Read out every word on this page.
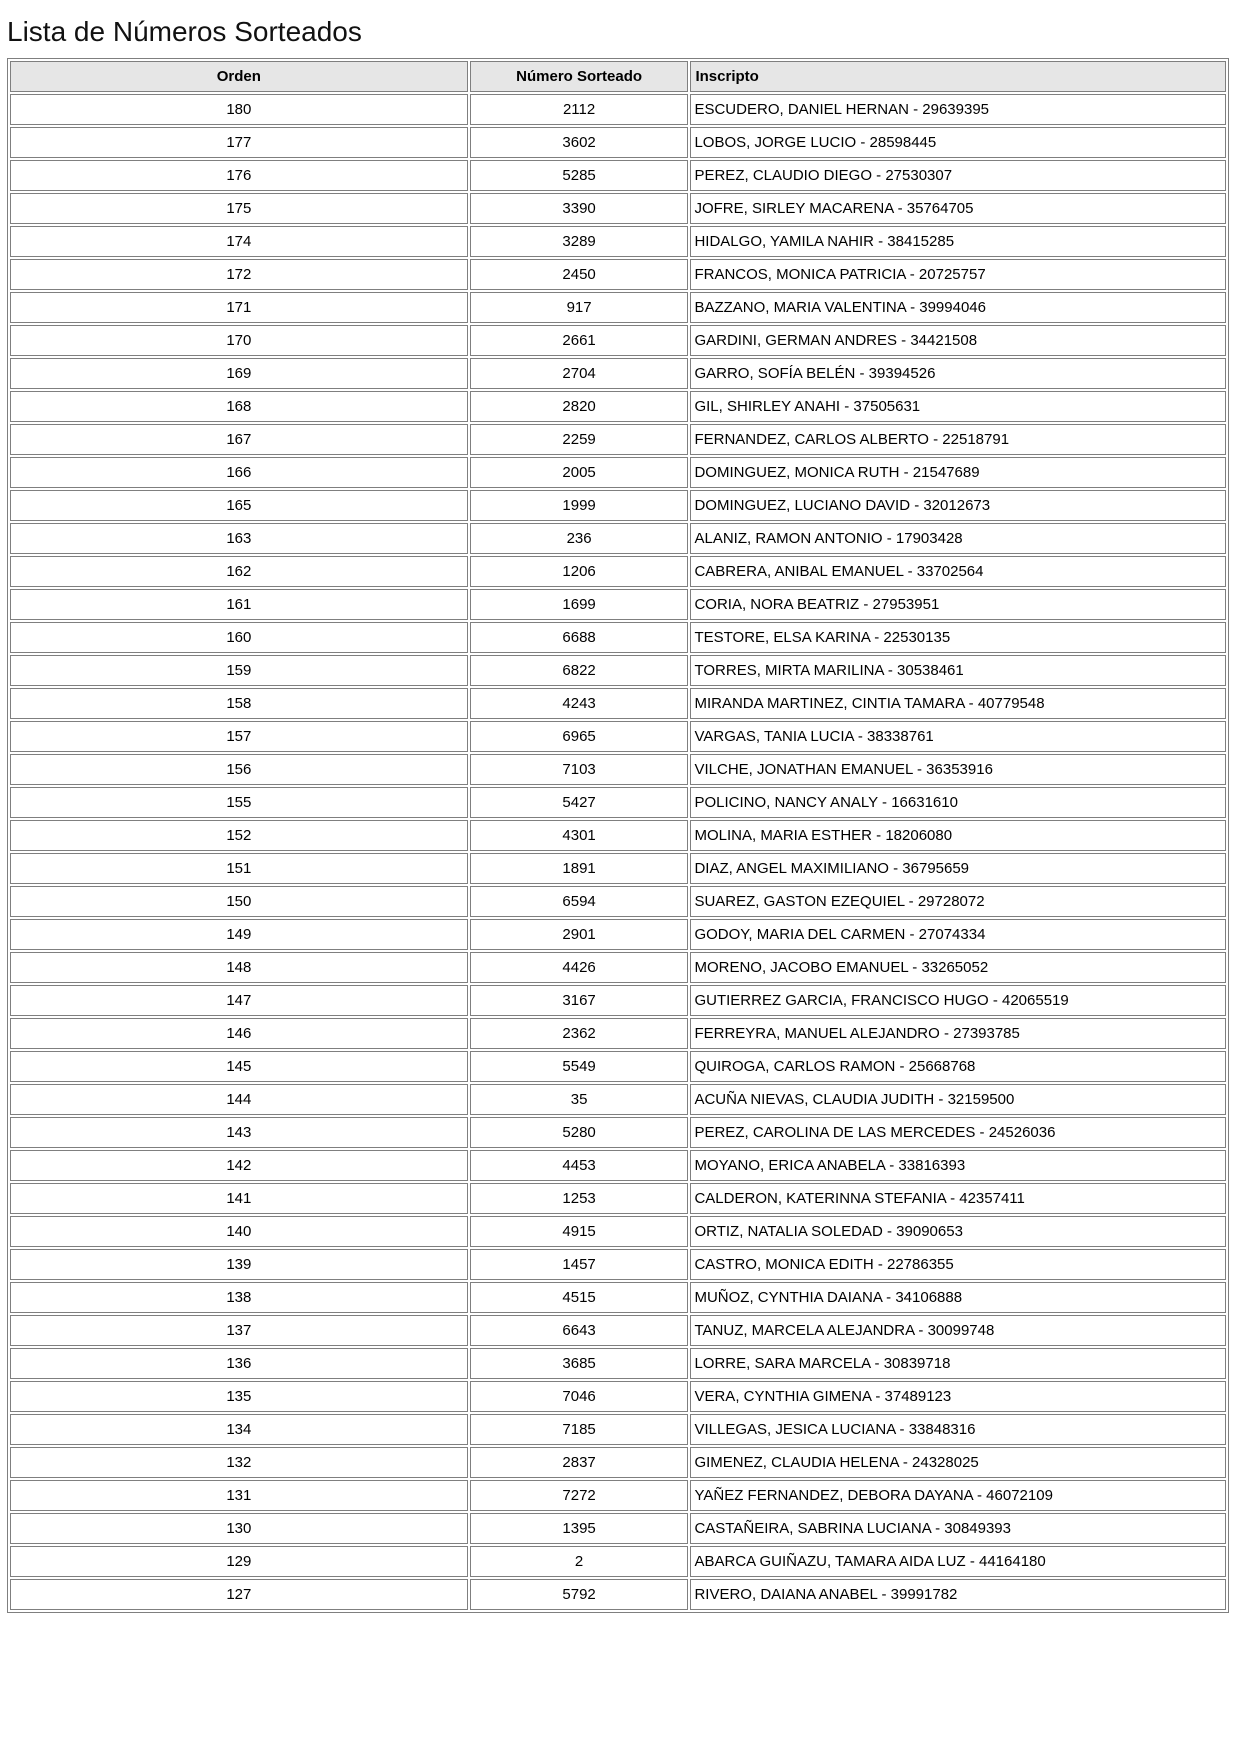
Lista de Números Sorteados
Orden	Número Sorteado	Inscripto
180	2112	ESCUDERO, DANIEL HERNAN - 29639395
177	3602	LOBOS, JORGE LUCIO - 28598445
176	5285	PEREZ, CLAUDIO DIEGO - 27530307
175	3390	JOFRE, SIRLEY MACARENA - 35764705
174	3289	HIDALGO, YAMILA NAHIR - 38415285
172	2450	FRANCOS, MONICA PATRICIA - 20725757
171	917	BAZZANO, MARIA VALENTINA - 39994046
170	2661	GARDINI, GERMAN ANDRES - 34421508
169	2704	GARRO, SOFÍA BELÉN - 39394526
168	2820	GIL, SHIRLEY ANAHI - 37505631
167	2259	FERNANDEZ, CARLOS ALBERTO - 22518791
166	2005	DOMINGUEZ, MONICA RUTH - 21547689
165	1999	DOMINGUEZ, LUCIANO DAVID - 32012673
163	236	ALANIZ, RAMON ANTONIO - 17903428
162	1206	CABRERA, ANIBAL EMANUEL - 33702564
161	1699	CORIA, NORA BEATRIZ - 27953951
160	6688	TESTORE, ELSA KARINA - 22530135
159	6822	TORRES, MIRTA MARILINA - 30538461
158	4243	MIRANDA MARTINEZ, CINTIA TAMARA - 40779548
157	6965	VARGAS, TANIA LUCIA - 38338761
156	7103	VILCHE, JONATHAN EMANUEL - 36353916
155	5427	POLICINO, NANCY ANALY - 16631610
152	4301	MOLINA, MARIA ESTHER - 18206080
151	1891	DIAZ, ANGEL MAXIMILIANO - 36795659
150	6594	SUAREZ, GASTON EZEQUIEL - 29728072
149	2901	GODOY, MARIA DEL CARMEN - 27074334
148	4426	MORENO, JACOBO EMANUEL - 33265052
147	3167	GUTIERREZ GARCIA, FRANCISCO HUGO - 42065519
146	2362	FERREYRA, MANUEL ALEJANDRO - 27393785
145	5549	QUIROGA, CARLOS RAMON - 25668768
144	35	ACUÑA NIEVAS, CLAUDIA JUDITH - 32159500
143	5280	PEREZ, CAROLINA DE LAS MERCEDES - 24526036
142	4453	MOYANO, ERICA ANABELA - 33816393
141	1253	CALDERON, KATERINNA STEFANIA - 42357411
140	4915	ORTIZ, NATALIA SOLEDAD - 39090653
139	1457	CASTRO, MONICA EDITH - 22786355
138	4515	MUÑOZ, CYNTHIA DAIANA - 34106888
137	6643	TANUZ, MARCELA ALEJANDRA - 30099748
136	3685	LORRE, SARA MARCELA - 30839718
135	7046	VERA, CYNTHIA GIMENA - 37489123
134	7185	VILLEGAS, JESICA LUCIANA - 33848316
132	2837	GIMENEZ, CLAUDIA HELENA - 24328025
131	7272	YAÑEZ FERNANDEZ, DEBORA DAYANA - 46072109
130	1395	CASTAÑEIRA, SABRINA LUCIANA - 30849393
129	2	ABARCA GUIÑAZU, TAMARA AIDA LUZ - 44164180
127	5792	RIVERO, DAIANA ANABEL - 39991782
